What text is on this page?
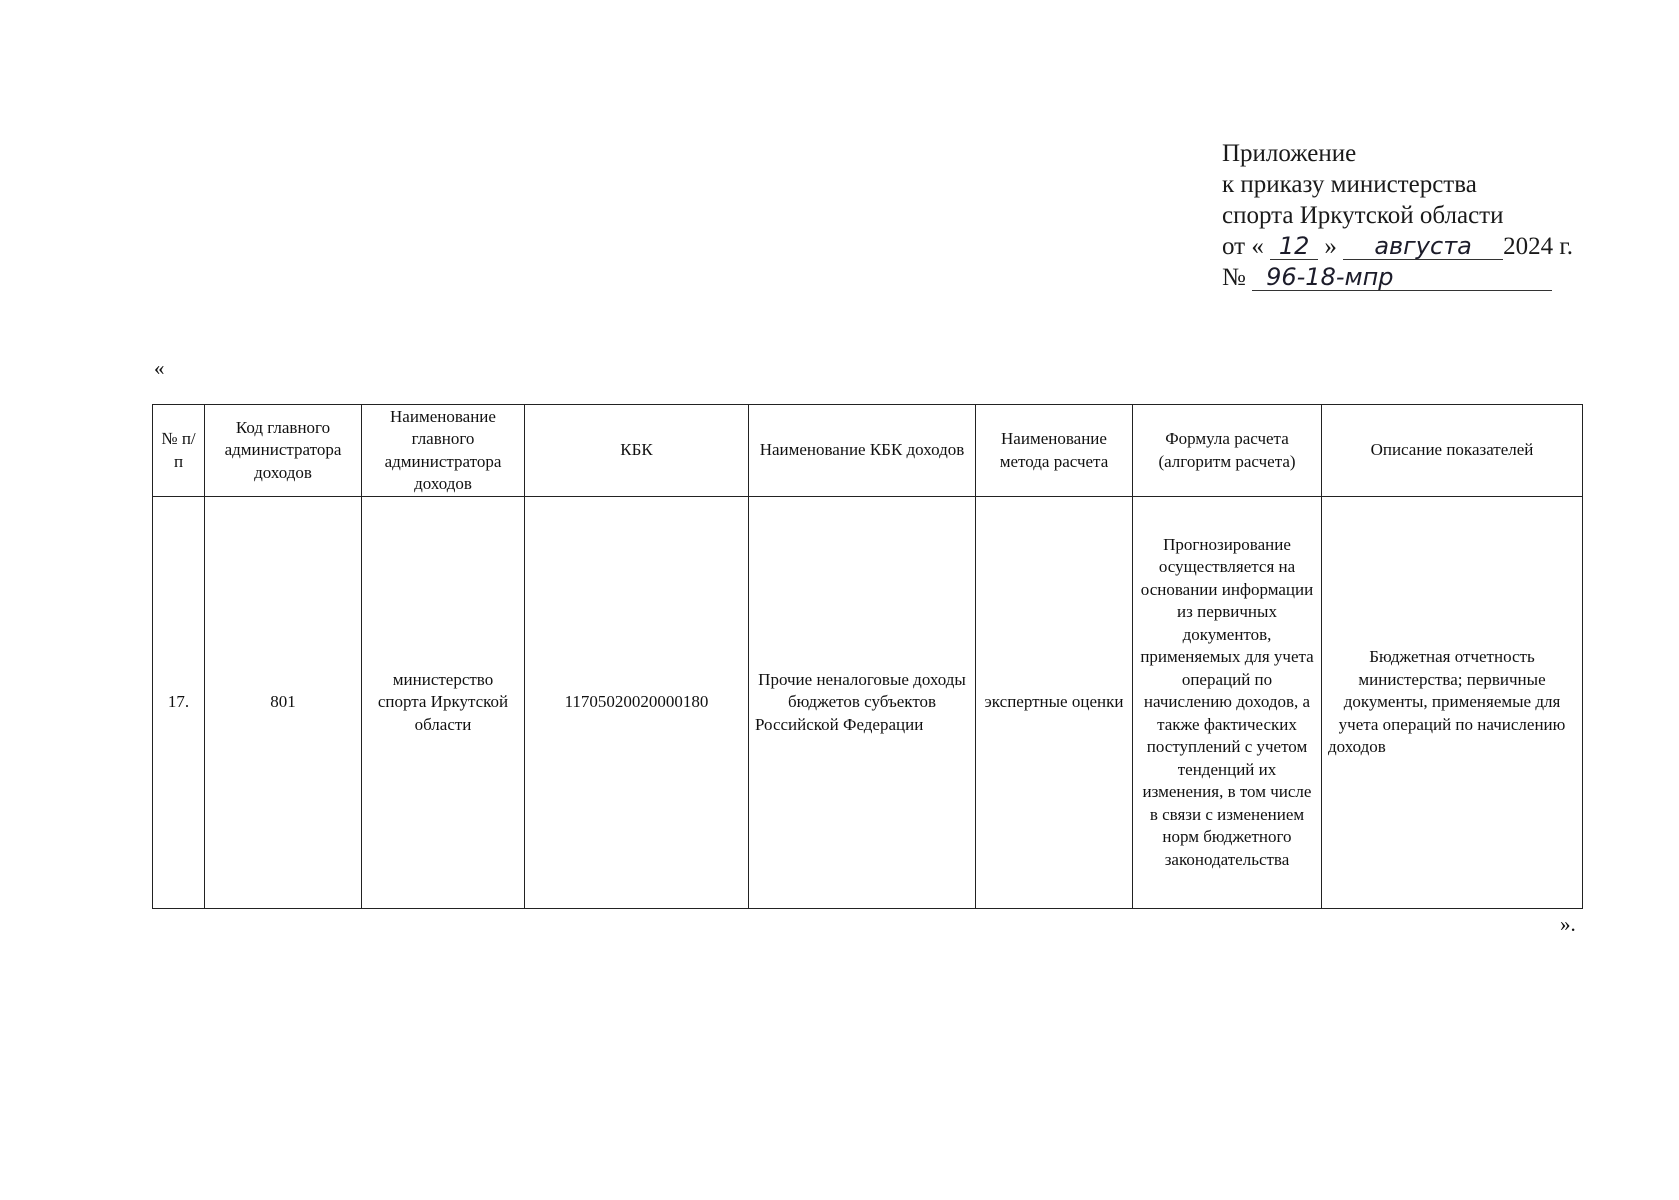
Приложение
к приказу министерства
спорта Иркутской области
от « 12 » августа 2024 г.
№ 96-18-мпр
«
№ п/п	Код главного администратора доходов	Наименование главного администратора доходов	КБК	Наименование КБК доходов	Наименование метода расчета	Формула расчета (алгоритм расчета)	Описание показателей
17.	801	министерство спорта Иркутской области	11705020020000180	Прочие неналоговые доходы бюджетов субъектов Российской Федерации	экспертные оценки	Прогнозирование осуществляется на основании информации из первичных документов, применяемых для учета операций по начислению доходов, а также фактических поступлений с учетом тенденций их изменения, в том числе в связи с изменением норм бюджетного законодательства	Бюджетная отчетность министерства; первичные документы, применяемые для учета операций по начислению доходов
».
